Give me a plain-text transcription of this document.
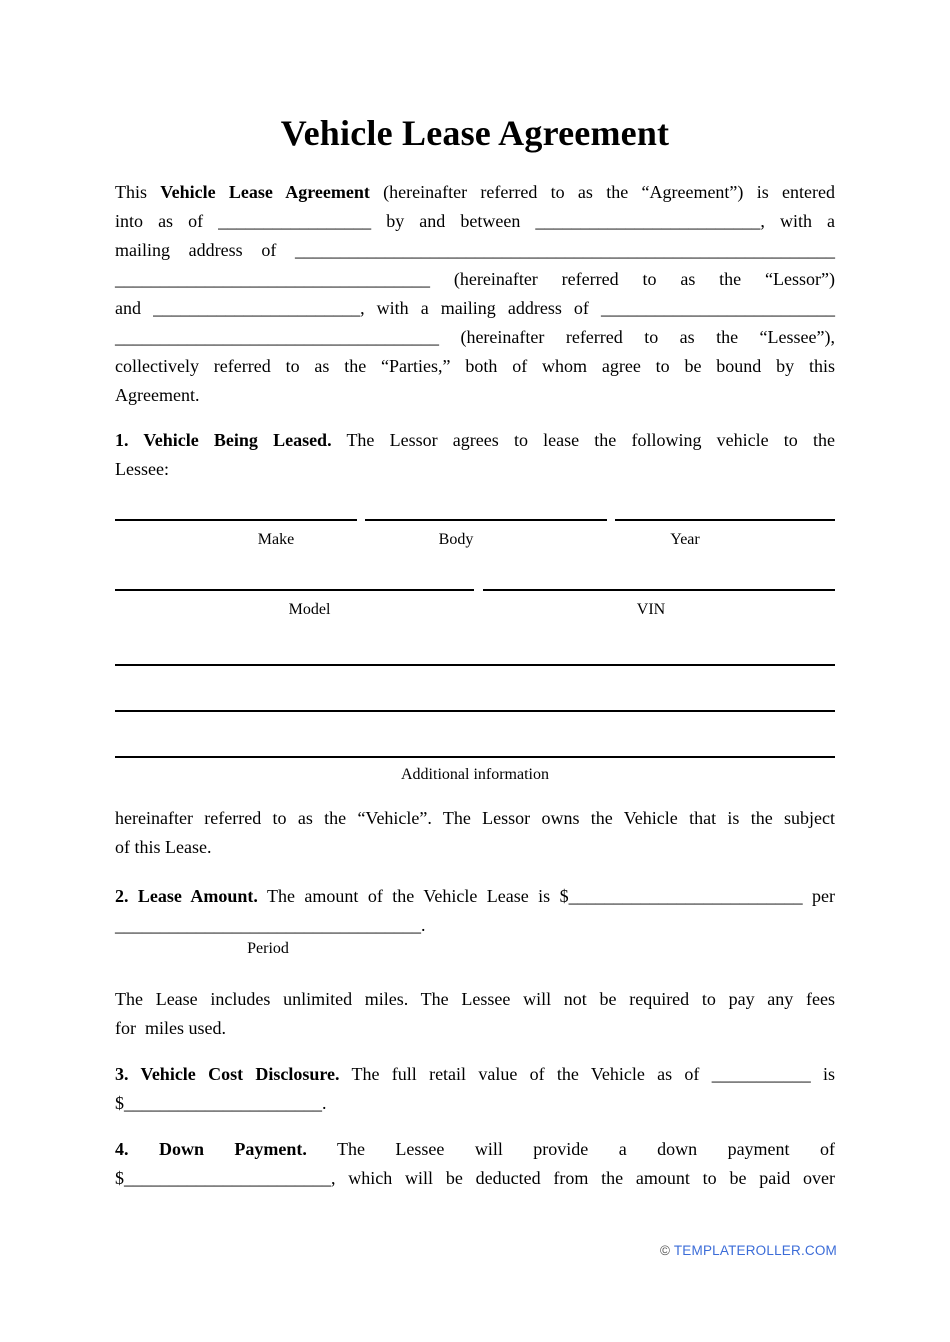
Vehicle Lease Agreement
This Vehicle Lease Agreement (hereinafter referred to as the “Agreement”) is entered
into as of _________________ by and between _________________________, with a
mailing address of ____________________________________________________________
___________________________________ (hereinafter referred to as the “Lessor”)
and _______________________, with a mailing address of __________________________
____________________________________ (hereinafter referred to as the “Lessee”),
collectively referred to as the “Parties,” both of whom agree to be bound by this
Agreement.
1. Vehicle Being Leased. The Lessor agrees to lease the following vehicle to the
Lessee:
Make	Body	Year
Model	VIN
Additional information
hereinafter referred to as the “Vehicle”. The Lessor owns the Vehicle that is the subject
of this Lease.
2. Lease Amount. The amount of the Vehicle Lease is $__________________________ per
__________________________________
Period
.
The Lease includes unlimited miles. The Lessee will not be required to pay any fees
for  miles used.
3. Vehicle Cost Disclosure. The full retail value of the Vehicle as of ___________ is
$______________________.
4. Down Payment. The Lessee will provide a down payment of
$_______________________, which will be deducted from the amount to be paid over
© TEMPLATEROLLER.COM
